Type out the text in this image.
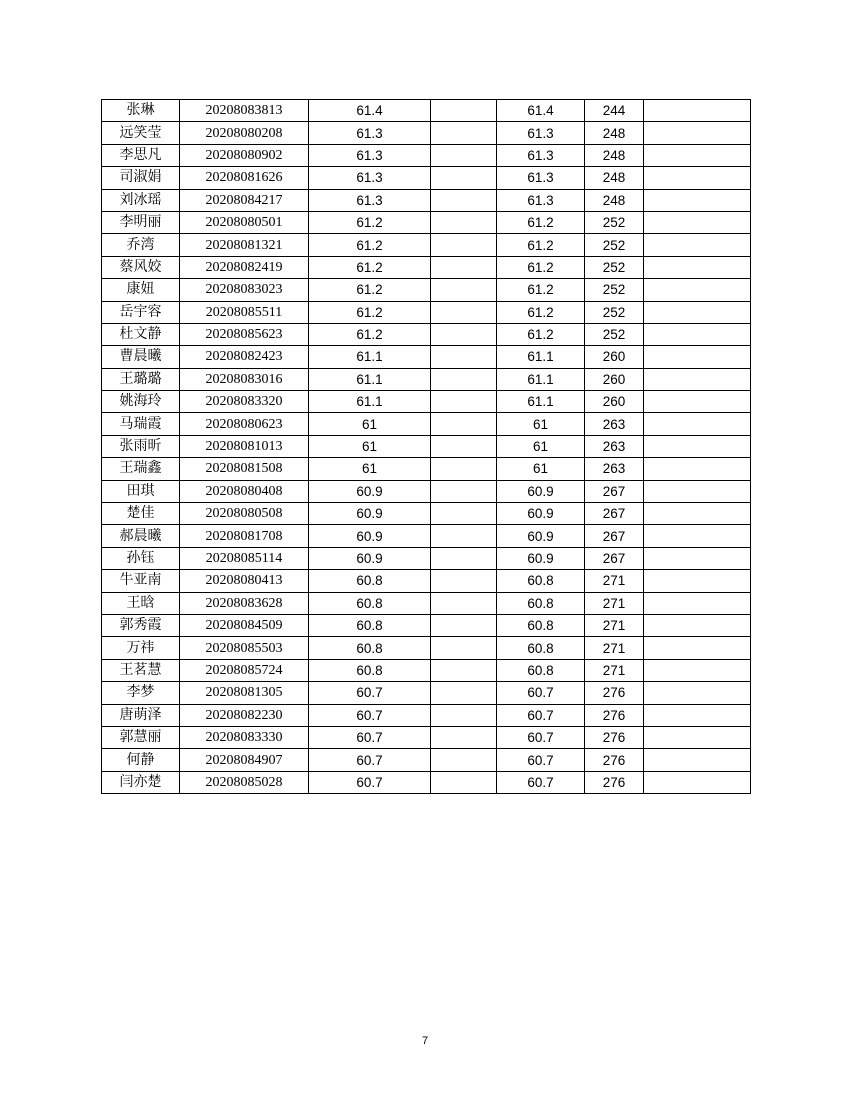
张琳	20208083813	61.4		61.4	244	
远笑莹	20208080208	61.3		61.3	248	
李思凡	20208080902	61.3		61.3	248	
司淑娟	20208081626	61.3		61.3	248	
刘冰瑶	20208084217	61.3		61.3	248	
李明丽	20208080501	61.2		61.2	252	
乔湾	20208081321	61.2		61.2	252	
蔡风姣	20208082419	61.2		61.2	252	
康妞	20208083023	61.2		61.2	252	
岳宇容	20208085511	61.2		61.2	252	
杜文静	20208085623	61.2		61.2	252	
曹晨曦	20208082423	61.1		61.1	260	
王璐璐	20208083016	61.1		61.1	260	
姚海玲	20208083320	61.1		61.1	260	
马瑞霞	20208080623	61		61	263	
张雨昕	20208081013	61		61	263	
王瑞鑫	20208081508	61		61	263	
田琪	20208080408	60.9		60.9	267	
楚佳	20208080508	60.9		60.9	267	
郝晨曦	20208081708	60.9		60.9	267	
孙钰	20208085114	60.9		60.9	267	
牛亚南	20208080413	60.8		60.8	271	
王晗	20208083628	60.8		60.8	271	
郭秀霞	20208084509	60.8		60.8	271	
万祎	20208085503	60.8		60.8	271	
王茗慧	20208085724	60.8		60.8	271	
李梦	20208081305	60.7		60.7	276	
唐萌泽	20208082230	60.7		60.7	276	
郭慧丽	20208083330	60.7		60.7	276	
何静	20208084907	60.7		60.7	276	
闫亦楚	20208085028	60.7		60.7	276	
7
